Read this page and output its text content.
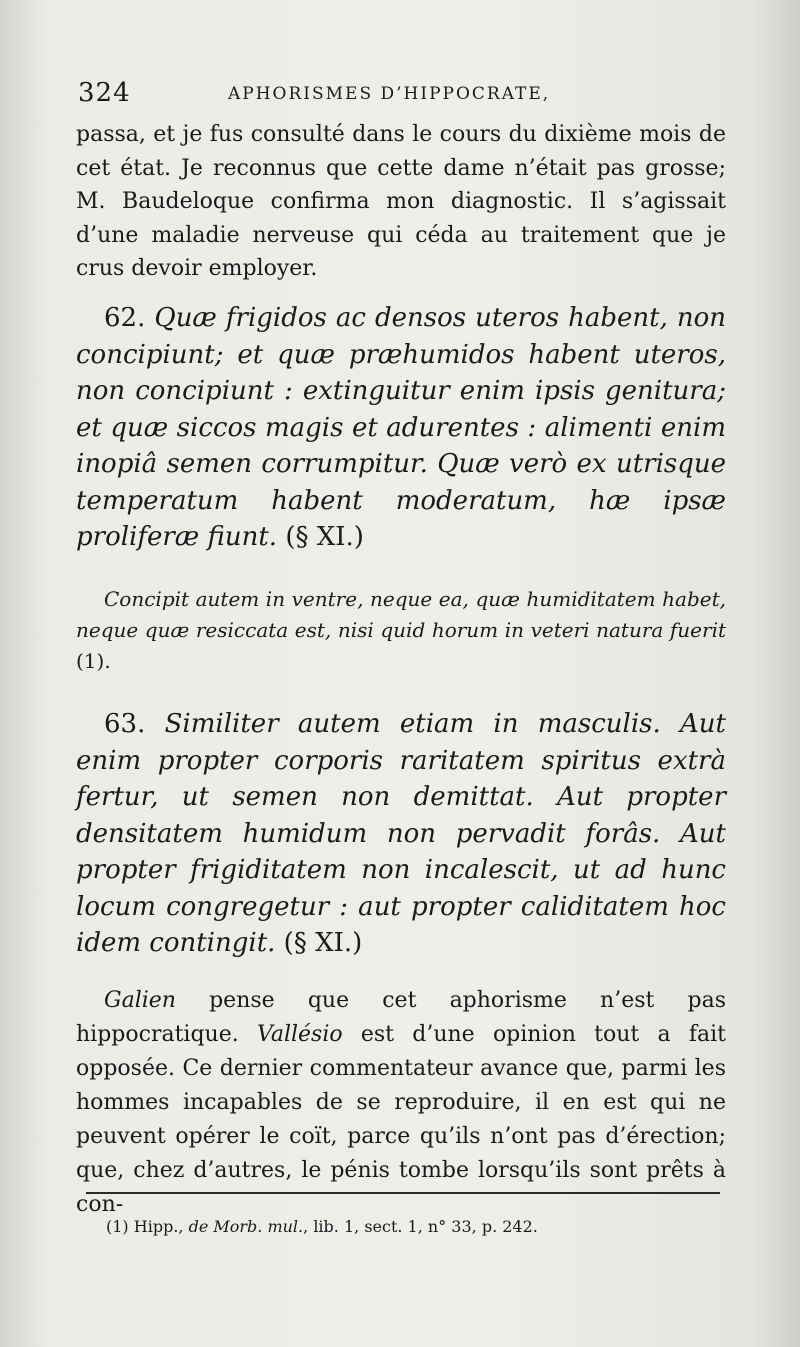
324	APHORISMES D’HIPPOCRATE,
passa, et je fus consulté dans le cours du dixième mois de cet état. Je reconnus que cette dame n’était pas grosse; M. Baudeloque confirma mon diagnostic. Il s’agissait d’une maladie nerveuse qui céda au traitement que je crus devoir employer.
62. Quæ frigidos ac densos uteros habent, non concipiunt; et quæ præhumidos habent uteros, non concipiunt : extinguitur enim ipsis genitura; et quæ siccos magis et adurentes : alimenti enim inopiâ semen corrumpitur. Quæ verò ex utrisque temperatum habent moderatum, hæ ipsæ proliferæ fiunt. (§ XI.)
Concipit autem in ventre, neque ea, quæ humiditatem habet, neque quæ resiccata est, nisi quid horum in veteri natura fuerit (1).
63. Similiter autem etiam in masculis. Aut enim propter corporis raritatem spiritus extrà fertur, ut semen non demittat. Aut propter densitatem humidum non pervadit forâs. Aut propter frigiditatem non incalescit, ut ad hunc locum congregetur : aut propter caliditatem hoc idem contingit. (§ XI.)
Galien pense que cet aphorisme n’est pas hippocratique. Vallésio est d’une opinion tout a fait opposée. Ce dernier commentateur avance que, parmi les hommes incapables de se reproduire, il en est qui ne peuvent opérer le coït, parce qu’ils n’ont pas d’érection; que, chez d’autres, le pénis tombe lorsqu’ils sont prêts à con-
(1) Hipp., de Morb. mul., lib. 1, sect. 1, n° 33, p. 242.
